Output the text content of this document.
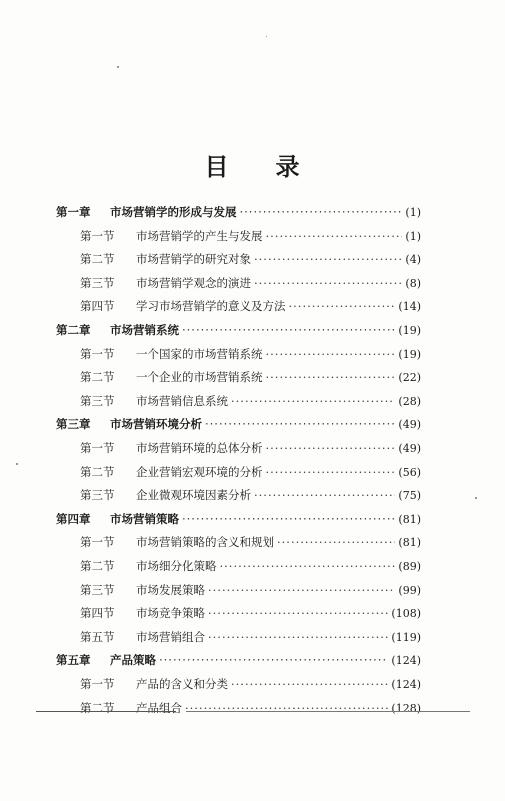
目 录
第一章	市场营销学的形成与发展 ·····	(1)
第一节	市场营销学的产生与发展 ·····	(1)
第二节	市场营销学的研究对象 ·····	(4)
第三节	市场营销学观念的演进 ·····	(8)
第四节	学习市场营销学的意义及方法 ·····	(14)
第二章	市场营销系统 ·····	(19)
第一节	一个国家的市场营销系统 ·····	(19)
第二节	一个企业的市场营销系统 ·····	(22)
第三节	市场营销信息系统 ·····	(28)
第三章	市场营销环境分析 ·····	(49)
第一节	市场营销环境的总体分析 ·····	(49)
第二节	企业营销宏观环境的分析 ·····	(56)
第三节	企业微观环境因素分析 ·····	(75)
第四章	市场营销策略 ·····	(81)
第一节	市场营销策略的含义和规划 ·····	(81)
第二节	市场细分化策略 ·····	(89)
第三节	市场发展策略 ·····	(99)
第四节	市场竞争策略 ·····	(108)
第五节	市场营销组合 ·····	(119)
第五章	产品策略 ·····	(124)
第一节	产品的含义和分类 ·····	(124)
第二节	产品组合 ·····	(128)
